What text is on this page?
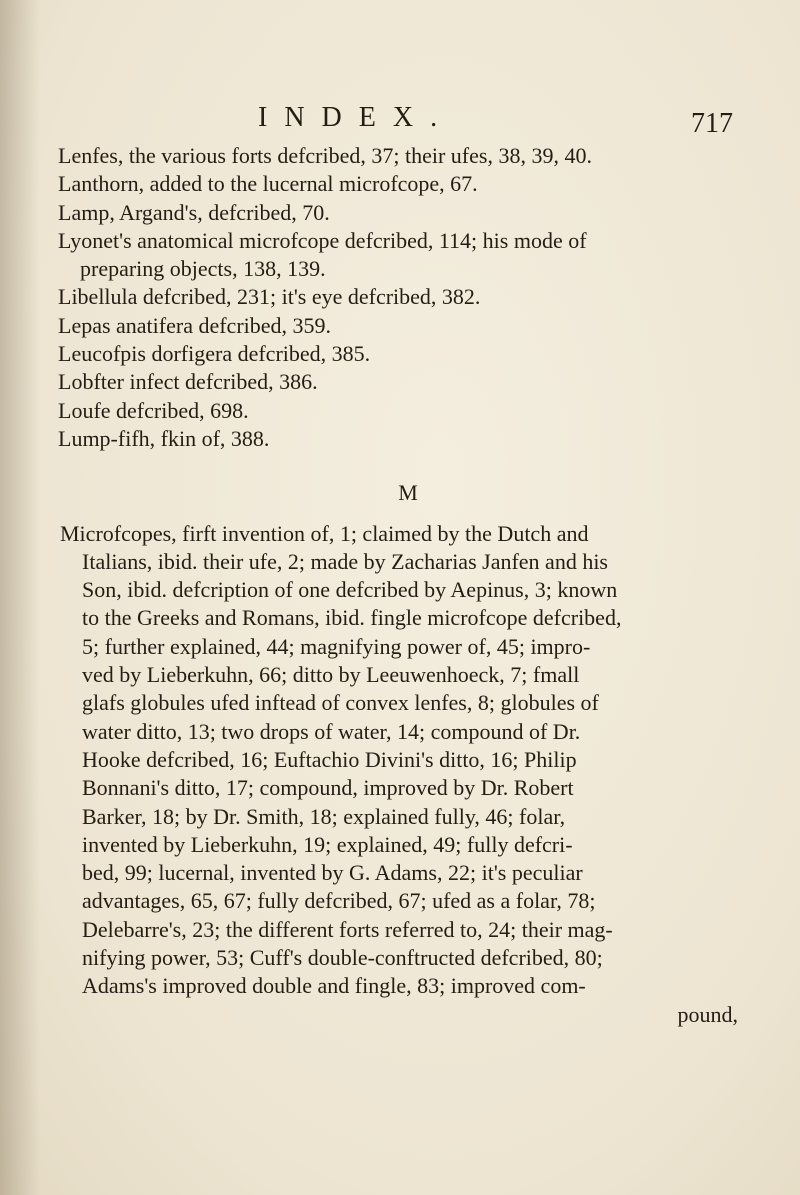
INDEX.	717

Lenfes, the various forts defcribed, 37; their ufes, 38, 39, 40.

Lanthorn, added to the lucernal microfcope, 67.

Lamp, Argand's, defcribed, 70.

Lyonet's anatomical microfcope defcribed, 114; his mode of

preparing objects, 138, 139.

Libellula defcribed, 231; it's eye defcribed, 382.

Lepas anatifera defcribed, 359.

Leucofpis dorfigera defcribed, 385.

Lobfter infect defcribed, 386.

Loufe defcribed, 698.

Lump-fifh, fkin of, 388.

M

Microfcopes, firft invention of, 1; claimed by the Dutch and

Italians, ibid. their ufe, 2; made by Zacharias Janfen and his

Son, ibid. defcription of one defcribed by Aepinus, 3; known

to the Greeks and Romans, ibid. fingle microfcope defcribed,

5; further explained, 44; magnifying power of, 45; impro-

ved by Lieberkuhn, 66; ditto by Leeuwenhoeck, 7; fmall

glafs globules ufed inftead of convex lenfes, 8; globules of

water ditto, 13; two drops of water, 14; compound of Dr.

Hooke defcribed, 16; Euftachio Divini's ditto, 16; Philip

Bonnani's ditto, 17; compound, improved by Dr. Robert

Barker, 18; by Dr. Smith, 18; explained fully, 46; folar,

invented by Lieberkuhn, 19; explained, 49; fully defcri-

bed, 99; lucernal, invented by G. Adams, 22; it's peculiar

advantages, 65, 67; fully defcribed, 67; ufed as a folar, 78;

Delebarre's, 23; the different forts referred to, 24; their mag-

nifying power, 53; Cuff's double-conftructed defcribed, 80;

Adams's improved double and fingle, 83; improved com-

pound,
